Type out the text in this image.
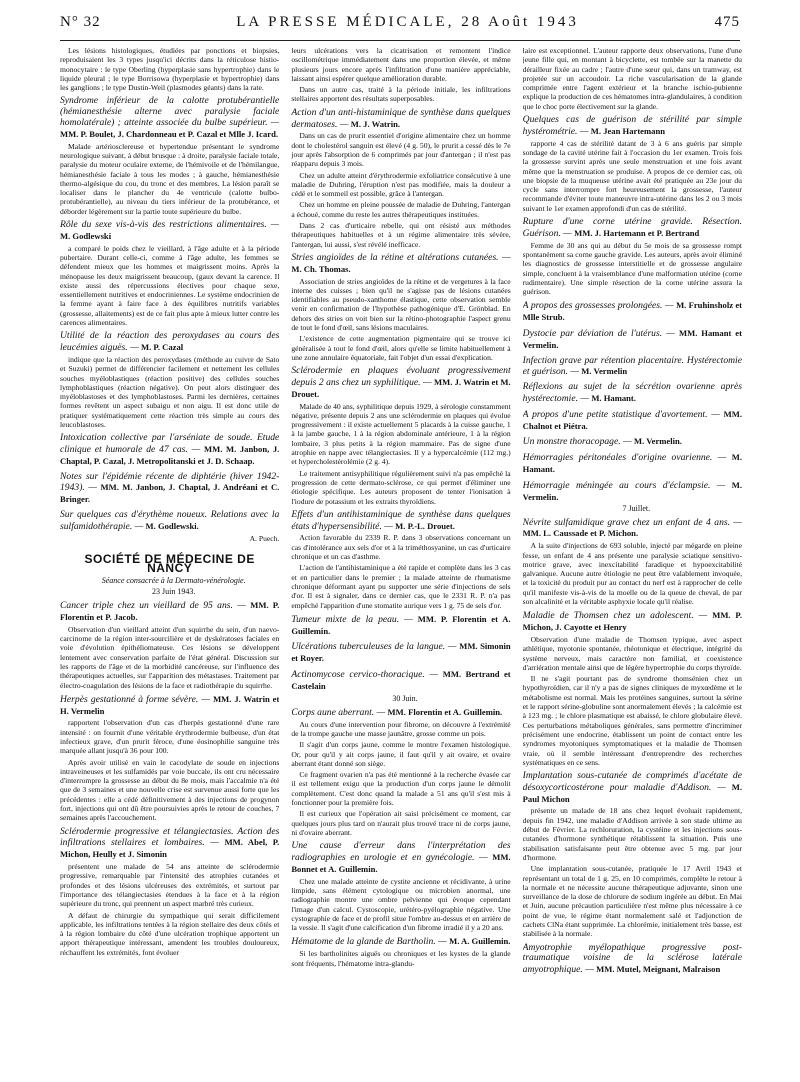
N° 32	LA PRESSE MÉDICALE, 28 Août 1943	475

Les lésions histologiques, étudiées par ponctions et biopsies, reproduisaient les 3 types jusqu'ici décrits dans la réticulose histio-monocytaire : le type Oberling (hyperplasie sans hypertrophie) dans le liquide pleural ; le type Borrisowa (hyperplasie et hypertrophie) dans les ganglions ; le type Dustin-Weil (plasmodes géants) dans la rate.

Syndrome inférieur de la calotte protubérantielle (hémianesthésie alterne avec paralysie faciale homolatérale) ; atteinte associée du bulbe supérieur. — MM. P. Boulet, J. Chardonneau et P. Cazal et Mlle J. Icard.

Malade artériosclereuse et hypertendue présentant le syndrome neurologique suivant, à début brusque : à droite, paralysie faciale totale, paralysie du moteur oculaire externe, de l'hémivoile et de l'hémilangue, hémianesthésie faciale à tous les modes ; à gauche, hémianesthésie thermo-algésique du cou, du tronc et des membres. La lésion paraît se localiser dans le plancher du 4e ventricule (calotte bulbo-protubérantielle), au niveau du tiers inférieur de la protubérance, et déborder légèrement sur la partie toute supérieure du bulbe.

Rôle du sexe vis-à-vis des restrictions alimentaires. — M. Godlewski

a comparé le poids chez le vieillard, à l'âge adulte et à la période pubertaire. Durant celle-ci, comme à l'âge adulte, les femmes se défendent mieux que les hommes et maigrissent moins. Après la ménopause les deux maigrissent beaucoup, (gaux devant la carence. Il existe aussi des répercussions électives pour chaque sexe, essentiellement nutritives et endocriniennes. Le système endocrinien de la femme ayant à faire face à des équilibres nutritifs variables (grossesse, allaitements) est de ce fait plus apte à mieux lutter contre les carences alimentaires.

Utilité de la réaction des peroxydases au cours des leucémies aiguës. — M. P. Cazal

indique que la réaction des peroxydases (méthode au cuivre de Sato et Suzuki) permet de différencier facilement et nettement les cellules souches myéloblastiques (réaction positive) des cellules souches lymphoblastiques (réaction négative). On peut alors distinguer des myéloblastoses et des lymphoblastoses. Parmi les dernières, certaines formes revêtent un aspect subaigu et non aigu. Il est donc utile de pratiquer systématiquement cette réaction très simple au cours des leucoblastoses.

Intoxication collective par l'arséniate de soude. Etude clinique et humorale de 47 cas. — MM. M. Janbon, J. Chaptal, P. Cazal, J. Metropolitanski et J. D. Schaap.

Notes sur l'épidémie récente de diphtérie (hiver 1942-1943). — MM. M. Janbon, J. Chaptal, J. Andréani et C. Bringer.

Sur quelques cas d'érythème noueux. Relations avec la sulfamidothérapie. — M. Godlewski.

A. Puech.
SOCIÉTÉ DE MÉDECINE DE NANCY

Séance consacrée à la Dermato-vénérologie.

23 Juin 1943.

Cancer triple chez un vieillard de 95 ans. — MM. P. Florentin et P. Jacob.

Observation d'un vieillard atteint d'un squirrhe du sein, d'un naevo-carcinome de la région inter-sourcilière et de dyskératoses faciales en voie d'évolution épithéliomateuse. Ces lésions se développent lentement avec conservation parfaite de l'état général. Discussion sur les rapports de l'âge et de la morbidité cancéreuse, sur l'influence des thérapeutiques actuelles, sur l'apparition des métastases. Traitement par électro-coagulation des lésions de la face et radiothérapie du squirrhe.

Herpès gestationné à forme sévère. — MM. J. Watrin et H. Vermelin

rapportent l'observation d'un cas d'herpès gestationné d'une rare intensité : on fournit d'une véritable érythrodermie bulbeuse, d'un état infectieux grave, d'un prurit féroce, d'une éosinophilie sanguine très marquée allant jusqu'à 36 pour 100.

Après avoir utilisé en vain le cacodylate de soude en injections intraveineuses et les sulfamidés par voie buccale, ils ont cru nécessaire d'interrompre la grossesse au début du 8e mois, mais l'accalmie n'a été que de 3 semaines et une nouvelle crise est survenue aussi forte que les précédentes : elle a cédé définitivement à des injections de progynon fort, injections qui ont dû être poursuivies après le retour de couches, 7 semaines après l'accouchement.

Sclérodermie progressive et télangiectasies. Action des infiltrations stellaires et lombaires. — MM. Abel, P. Michon, Heully et J. Simonin

présentent une malade de 54 ans atteinte de sclérodermie progressive, remarquable par l'intensité des atrophies cutanées et profondes et des lésions ulcéreuses des extrémités, et surtout par l'importance des télangiectasies étendues à la face et à la région supérieure du tronc, qui prennent un aspect marbré très curieux.

A défaut de chirurgie du sympathique qui serait difficilement applicable, les infiltrations tentées à la région stellaire des deux côtés et à la région lombaire du côté d'une ulcération trophique apportent un apport thérapeutique intéressant, amendent les troubles douloureux, réchauffent les extrémités, font évoluer

leurs ulcérations vers la cicatrisation et remontent l'indice oscillométrique immédiatement dans une proportion élevée, et même plusieurs jours encore après l'infiltration d'une manière appréciable, laissant ainsi espérer quelque amélioration durable.

Dans un autre cas, traité à la période initiale, les infiltrations stellaires apportent des résultats superposables.

Action d'un anti-histaminique de synthèse dans quelques dermatoses. — M. J. Watrin.

Dans un cas de prurit essentiel d'origine alimentaire chez un homme dont le cholestérol sanguin est élevé (4 g. 50), le prurit a cessé dès le 7e jour après l'absorption de 6 comprimés par jour d'antergan ; il n'est pas réapparu depuis 3 mois.

Chez un adulte atteint d'érythrodermie exfoliatrice consécutive à une maladie de Duhring, l'éruption n'est pas modifiée, mais la douleur a cédé et le sommeil est possible, grâce à l'antergan.

Chez un homme en pleine poussée de maladie de Duhring, l'antergan a échoué, comme du reste les autres thérapeutiques instituées.

Dans 2 cas d'urticaire rebelle, qui ont résisté aux méthodes thérapeutiques habituelles et à un régime alimentaire très sévère, l'antergan, lui aussi, s'est révélé inefficace.

Stries angioïdes de la rétine et altérations cutanées. — M. Ch. Thomas.

Association de stries angioïdes de la rétine et de vergetures à la face interne des cuisses ; bien qu'il ne s'agisse pas de lésions cutanées identifiables au pseudo-xanthome élastique, cette observation semble venir en confirmation de l'hypothèse pathogénique d'E. Grönblad. En dehors des stries on voit bien sur la rétino-photographie l'aspect grenu de tout le fond d'œil, sans lésions maculaires.

L'existence de cette augmentation pigmentaire qui se trouve ici généralisée à tout le fond d'œil, alors qu'elle se limite habituellement à une zone annulaire équatoriale, fait l'objet d'un essai d'explication.

Sclérodermie en plaques évoluant progressivement depuis 2 ans chez un syphilitique. — MM. J. Watrin et M. Drouet.

Malade de 40 ans, syphilitique depuis 1929, à sérologie constamment négative, présente depuis 2 ans une sclérodermie en plaques qui évolue progressivement : il existe actuellement 5 placards à la cuisse gauche, 1 à la jambe gauche, 1 à la région abdominale antérieure, 1 à la région lombaire, 3 plus petits à la région mammaire. Pas de signe d'une atrophie en nappe avec télangiectasies. Il y a hypercalcémie (112 mg.) et hypercholestérolémie (2 g. 4).

Le traitement antisyphilitique régulièrement suivi n'a pas empêché la progression de cette dermato-sclérose, ce qui permet d'éliminer une étiologie spécifique. Les auteurs proposent de tenter l'ionisation à l'iodure de potassium et les extraits thyroïdiens.

Effets d'un antihistaminique de synthèse dans quelques états d'hypersensibilité. — M. P.-L. Drouet.

Action favorable du 2339 R. P. dans 3 observations concernant un cas d'intolérance aux sels d'or et à la triméthosyanine, un cas d'urticaire chronique et un cas d'asthme.

L'action de l'antihistaminique a été rapide et complète dans les 3 cas et en particulier dans le premier ; la malade atteinte de rhumatisme chronique déformant ayant pu supporter une série d'injections de sels d'or. Il est à signaler, dans ce dernier cas, que le 2331 R. P. n'a pas empêché l'apparition d'une stomatite aurique vers 1 g. 75 de sels d'or.

Tumeur mixte de la peau. — MM. P. Florentin et A. Guillemin.

Ulcérations tuberculeuses de la langue. — MM. Simonin et Royer.

Actinomycose cervico-thoracique. — MM. Bertrand et Castelain

30 Juin.

Corps aune aberrant. — MM. Florentin et A. Guillemin.

Au cours d'une intervention pour fibrome, on découvre à l'extrémité de la trompe gauche une masse jaunâtre, grosse comme un pois.

Il s'agit d'un corps jaune, comme le montre l'examen histologique. Or, pour qu'il y ait corps jaune, il faut qu'il y ait ovaire, et ovaire aberrant étant donné son siège.

Ce fragment ovarien n'a pas été mentionné à la recherche évasée car il est tellement exigu que la production d'un corps jaune le démolit complètement. C'est donc quand la malade a 51 ans qu'il s'est mis à fonctionner pour la première fois.

Il est curieux que l'opération ait saisi précisément ce moment, car quelques jours plus tard on n'aurait plus trouvé trace ni de corps jaune, ni d'ovaire aberrant.

Une cause d'erreur dans l'interprétation des radiographies en urologie et en gynécologie. — MM. Bonnet et A. Guillemin.

Chez une malade atteinte de cystite ancienne et récidivante, à urine limpide, sans élément cytologique ou microbien anormal, une radiographie montre une ombre pelvienne qui évoque cependant l'image d'un calcul. Cystoscopie, urétéro-pyélographie négative. Une cystographie de face et de profil situe l'ombre au-dessus et en arrière de la vessie. Il s'agit d'une calcification d'un fibrome irradié il y a 20 ans.

Hématome de la glande de Bartholin. — M. A. Guillemin.

Si les bartholinites aiguës ou chroniques et les kystes de la glande sont fréquents, l'hématome intra-glandu-

laire est exceptionnel. L'auteur rapporte deux observations, l'une d'une jeune fille qui, en montant à bicyclette, est tombée sur la manette du dérailleur fixée au cadre ; l'autre d'une sœur qui, dans un tramway, est projetée sur un accoudoir. La riche vascularisation de la glande comprimée entre l'agent extérieur et la branche ischio-pubienne explique la production de ces hématomes intra-glandulaires, à condition que le choc porte électivement sur la glande.

Quelques cas de guérison de stérilité par simple hystérométrie. — M. Jean Hartemann

rapporte 4 cas de stérilité datant de 3 à 6 ans guéris par simple sondage de la cavité utérine fait à l'occasion du 1er examen. Trois fois la grossesse survint après une seule menstruation et une fois avant même que la menstruation se produise. A propos de ce dernier cas, où une biopsie de la muqueuse utérine avait été pratiquée au 23e jour du cycle sans interrompre fort heureusement la grossesse, l'auteur recommande d'éviter toute manœuvre intra-utérine dans les 2 ou 3 mois suivant le 1er examen approfondi d'un cas de stérilité.

Rupture d'une corne utérine gravide. Résection. Guérison. — MM. J. Hartemann et P. Bertrand

Femme de 30 ans qui au début du 5e mois de sa grossesse rompt spontanément sa corne gauche gravide. Les auteurs, après avoir éliminé les diagnostics de grossesse interstitielle et de grossesse angulaire simple, concluent à la vraisemblance d'une malformation utérine (corne rudimentaire). Une simple résection de la corne utérine assura la guérison.

A propos des grossesses prolongées. — M. Fruhinsholz et Mlle Strub.

Dystocie par déviation de l'utérus. — MM. Hamant et Vermelin.

Infection grave par rétention placentaire. Hystérectomie et guérison. — M. Vermelin

Réflexions au sujet de la sécrétion ovarienne après hystérectomie. — M. Hamant.

A propos d'une petite statistique d'avortement. — MM. Chalnot et Piétra.

Un monstre thoracopage. — M. Vermelin.

Hémorragies péritonéales d'origine ovarienne. — M. Hamant.

Hémorragie méningée au cours d'éclampsie. — M. Vermelin.

7 Juillet.

Névrite sulfamidique grave chez un enfant de 4 ans. — MM. L. Caussade et P. Michon.

A la suite d'injections de 693 soluble, injecté par mégarde en pleine fesse, un enfant de 4 ans présente une paralysie sciatique sensitivo-motrice grave, avec inexcitabilité faradique et hypoexcitabilité galvanique. Aucune autre étiologie ne peut être valablement invoquée, et la toxicité du produit pur au contact du nerf est à rapprocher de celle qu'il manifeste vis-à-vis de la moelle ou de la queue de cheval, de par son alcalinité et la véritable asphyxie locale qu'il réalise.

Maladie de Thomsen chez un adolescent. — MM. P. Michon, J. Cayotte et Henry

Observation d'une maladie de Thomsen typique, avec aspect athlétique, myotonie spontanée, rhéotonique et électrique, intégrité du système nerveux, mais caractère non familial, et coexistence d'arriération mentale ainsi que de légère hypertrophie du corps thyroïde.

Il ne s'agit pourtant pas de syndrome thomsénien chez un hypothyroïdien, car il n'y a pas de signes cliniques de myxœdème et le métabolisme est normal. Mais les protéines sanguines, surtout la sérine et le rapport sérine-globuline sont anormalement élevés ; la calcémie est à 123 mg. ; le chlore plasmatique est abaissé, le chlore globulaire élevé. Ces perturbations métaboliques générales, sans permettre d'incriminer précisément une endocrine, établissent un point de contact entre les syndromes myotoniques symptomatiques et la maladie de Thomsen vraie, où il semble intéressant d'entreprendre des recherches systématiques en ce sens.

Implantation sous-cutanée de comprimés d'acétate de désoxycorticostérone pour maladie d'Addison. — M. Paul Michon

présente un malade de 18 ans chez lequel évoluait rapidement, depuis fin 1942, une maladie d'Addison arrivée à son stade ultime au début de Février. La rechloruration, la cystéine et les injections sous-cutanées d'hormone synthétique rétablissent la situation. Puis une stabilisation satisfaisante peut être obtenue avec 5 mg. par jour d'hormone.

Une implantation sous-cutanée, pratiquée le 17 Avril 1943 et représentant un total de 1 g. 25, en 10 comprimés, complète le retour à la normale et ne nécessite aucune thérapeutique adjuvante, sinon une surveillance de la dose de chlorure de sodium ingérée au début. En Mai et Juin, aucune précaution particulière n'est même plus nécessaire à ce point de vue, le régime étant normalement salé et l'adjonction de cachets ClNa étant supprimée. La chlorémie, initialement très basse, est stabilisée à la normale.

Amyotrophie myélopathique progressive post-traumatique voisine de la sclérose latérale amyotrophique. — MM. Mutel, Meignant, Malraison
